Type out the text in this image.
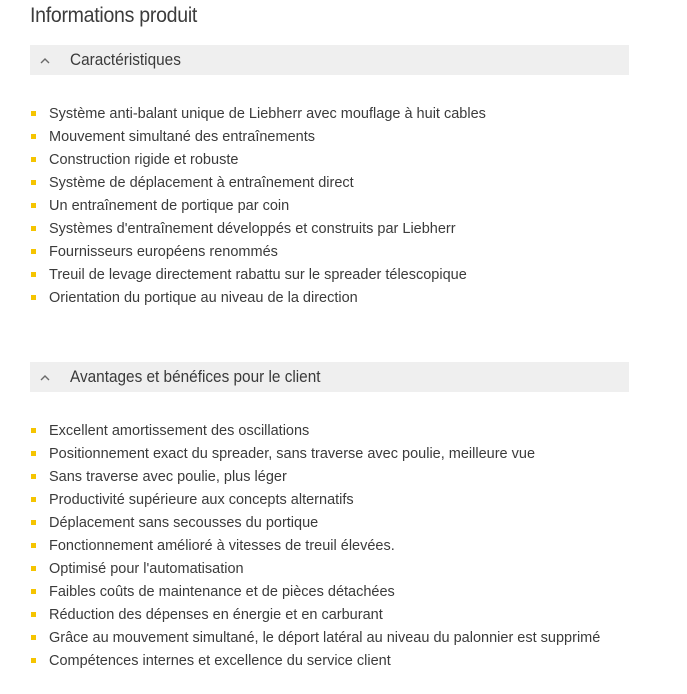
Informations produit
Caractéristiques
Système anti-balant unique de Liebherr avec mouflage à huit cables
Mouvement simultané des entraînements
Construction rigide et robuste
Système de déplacement à entraînement direct
Un entraînement de portique par coin
Systèmes d'entraînement développés et construits par Liebherr
Fournisseurs européens renommés
Treuil de levage directement rabattu sur le spreader télescopique
Orientation du portique au niveau de la direction
Avantages et bénéfices pour le client
Excellent amortissement des oscillations
Positionnement exact du spreader, sans traverse avec poulie, meilleure vue
Sans traverse avec poulie, plus léger
Productivité supérieure aux concepts alternatifs
Déplacement sans secousses du portique
Fonctionnement amélioré à vitesses de treuil élevées.
Optimisé pour l'automatisation
Faibles coûts de maintenance et de pièces détachées
Réduction des dépenses en énergie et en carburant
Grâce au mouvement simultané, le déport latéral au niveau du palonnier est supprimé
Compétences internes et excellence du service client
